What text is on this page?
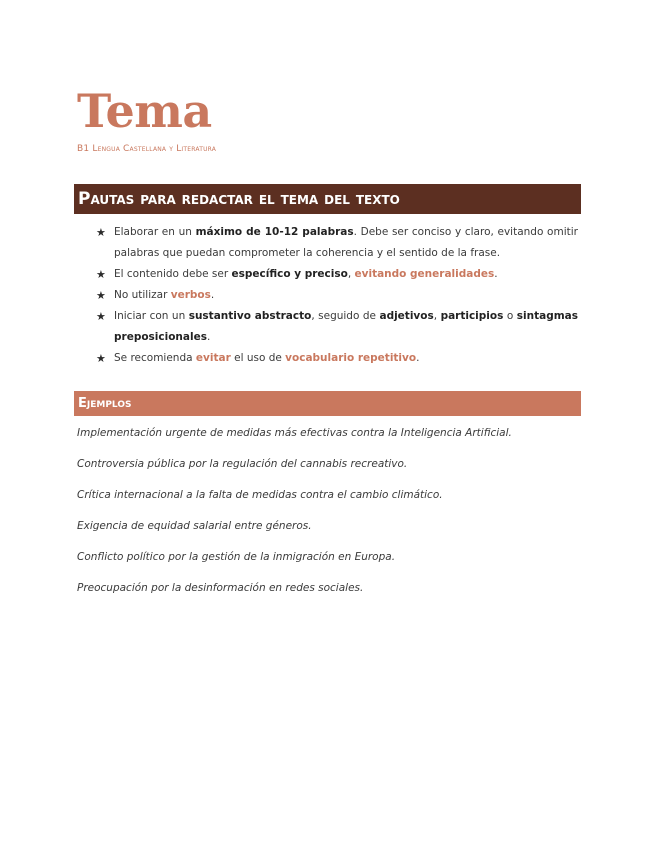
Tema
B1 Lengua Castellana y Literatura
Pautas para redactar el tema del texto
★ Elaborar en un máximo de 10-12 palabras. Debe ser conciso y claro, evitando omitir palabras que puedan comprometer la coherencia y el sentido de la frase.
★ El contenido debe ser específico y preciso, evitando generalidades.
★ No utilizar verbos.
★ Iniciar con un sustantivo abstracto, seguido de adjetivos, participios o sintagmas preposicionales.
★ Se recomienda evitar el uso de vocabulario repetitivo.
Ejemplos

Implementación urgente de medidas más efectivas contra la Inteligencia Artificial.

Controversia pública por la regulación del cannabis recreativo.

Crítica internacional a la falta de medidas contra el cambio climático.

Exigencia de equidad salarial entre géneros.

Conflicto político por la gestión de la inmigración en Europa.

Preocupación por la desinformación en redes sociales.
